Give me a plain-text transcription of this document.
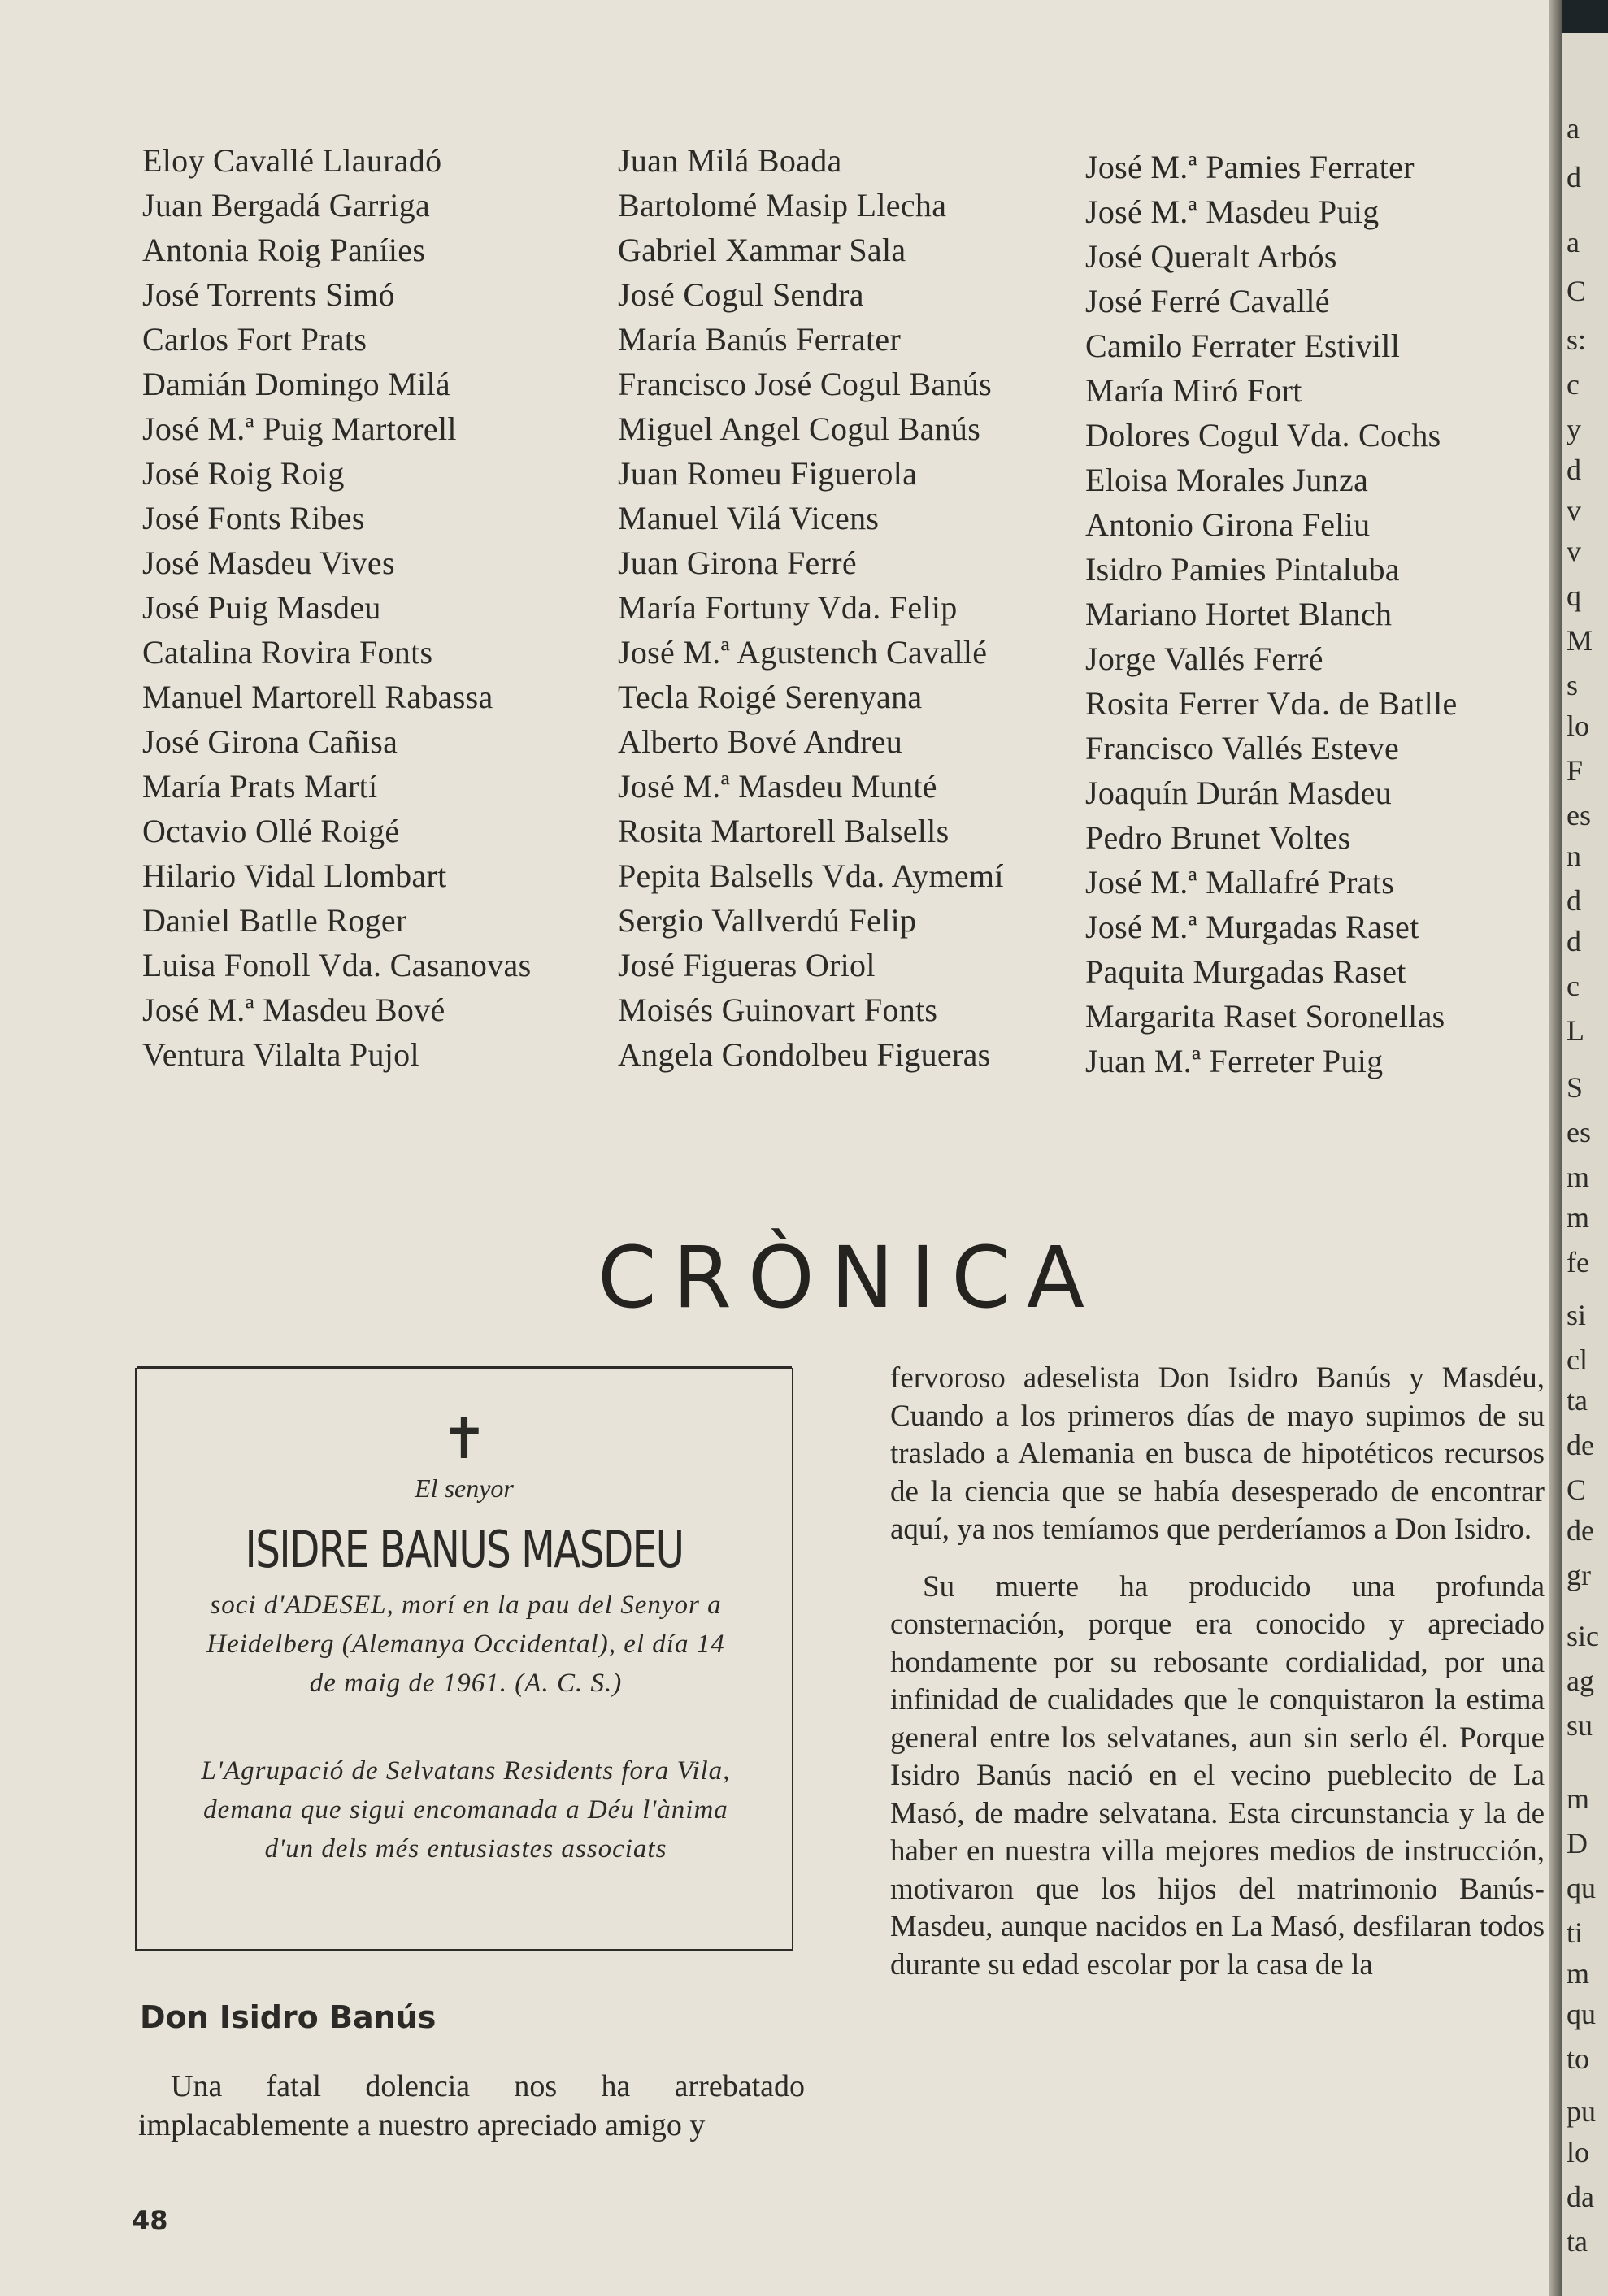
Eloy Cavallé Llauradó
Juan Bergadá Garriga
Antonia Roig Paníies
José Torrents Simó
Carlos Fort Prats
Damián Domingo Milá
José M.ª Puig Martorell
José Roig Roig
José Fonts Ribes
José Masdeu Vives
José Puig Masdeu
Catalina Rovira Fonts
Manuel Martorell Rabassa
José Girona Cañisa
María Prats Martí
Octavio Ollé Roigé
Hilario Vidal Llombart
Daniel Batlle Roger
Luisa Fonoll Vda. Casanovas
José M.ª Masdeu Bové
Ventura Vilalta Pujol
Juan Milá Boada
Bartolomé Masip Llecha
Gabriel Xammar Sala
José Cogul Sendra
María Banús Ferrater
Francisco José Cogul Banús
Miguel Angel Cogul Banús
Juan Romeu Figuerola
Manuel Vilá Vicens
Juan Girona Ferré
María Fortuny Vda. Felip
José M.ª Agustench Cavallé
Tecla Roigé Serenyana
Alberto Bové Andreu
José M.ª Masdeu Munté
Rosita Martorell Balsells
Pepita Balsells Vda. Aymemí
Sergio Vallverdú Felip
José Figueras Oriol
Moisés Guinovart Fonts
Angela Gondolbeu Figueras
José M.ª Pamies Ferrater
José M.ª Masdeu Puig
José Queralt Arbós
José Ferré Cavallé
Camilo Ferrater Estivill
María Miró Fort
Dolores Cogul Vda. Cochs
Eloisa Morales Junza
Antonio Girona Feliu
Isidro Pamies Pintaluba
Mariano Hortet Blanch
Jorge Vallés Ferré
Rosita Ferrer Vda. de Batlle
Francisco Vallés Esteve
Joaquín Durán Masdeu
Pedro Brunet Voltes
José M.ª Mallafré Prats
José M.ª Murgadas Raset
Paquita Murgadas Raset
Margarita Raset Soronellas
Juan M.ª Ferreter Puig
CRÒNICA
✝
El senyor
ISIDRE BANUS MASDEU
soci d'ADESEL, morí en la pau del Senyor a Heidelberg (Alemanya Occidental), el día 14 de maig de 1961. (A. C. S.)
L'Agrupació de Selvatans Residents fora Vila, demana que sigui encomanada a Déu l'ànima d'un dels més entusiastes associats
Don Isidro Banús

Una fatal dolencia nos ha arrebatado implacablemente a nuestro apreciado amigo y

fervoroso adeselista Don Isidro Banús y Masdéu, Cuando a los primeros días de mayo supimos de su traslado a Alemania en busca de hipotéticos recursos de la ciencia que se había desesperado de encontrar aquí, ya nos temíamos que perderíamos a Don Isidro.

Su muerte ha producido una profunda consternación, porque era conocido y apreciado hondamente por su rebosante cordialidad, por una infinidad de cualidades que le conquistaron la estima general entre los selvatanes, aun sin serlo él. Porque Isidro Banús nació en el vecino pueblecito de La Masó, de madre selvatana. Esta circunstancia y la de haber en nuestra villa mejores medios de instrucción, motivaron que los hijos del matrimonio Banús-Masdeu, aunque nacidos en La Masó, desfilaran todos durante su edad escolar por la casa de la

48
a
d
a
C
s:
c
y
d
v
v
q
M
s
lo
F
es
n
d
d
c
L
S
es
m
m
fe
si
cl
ta
de
C
de
gr
sic
ag
su
m
D
qu
ti
m
qu
to
pu
lo
da
ta
